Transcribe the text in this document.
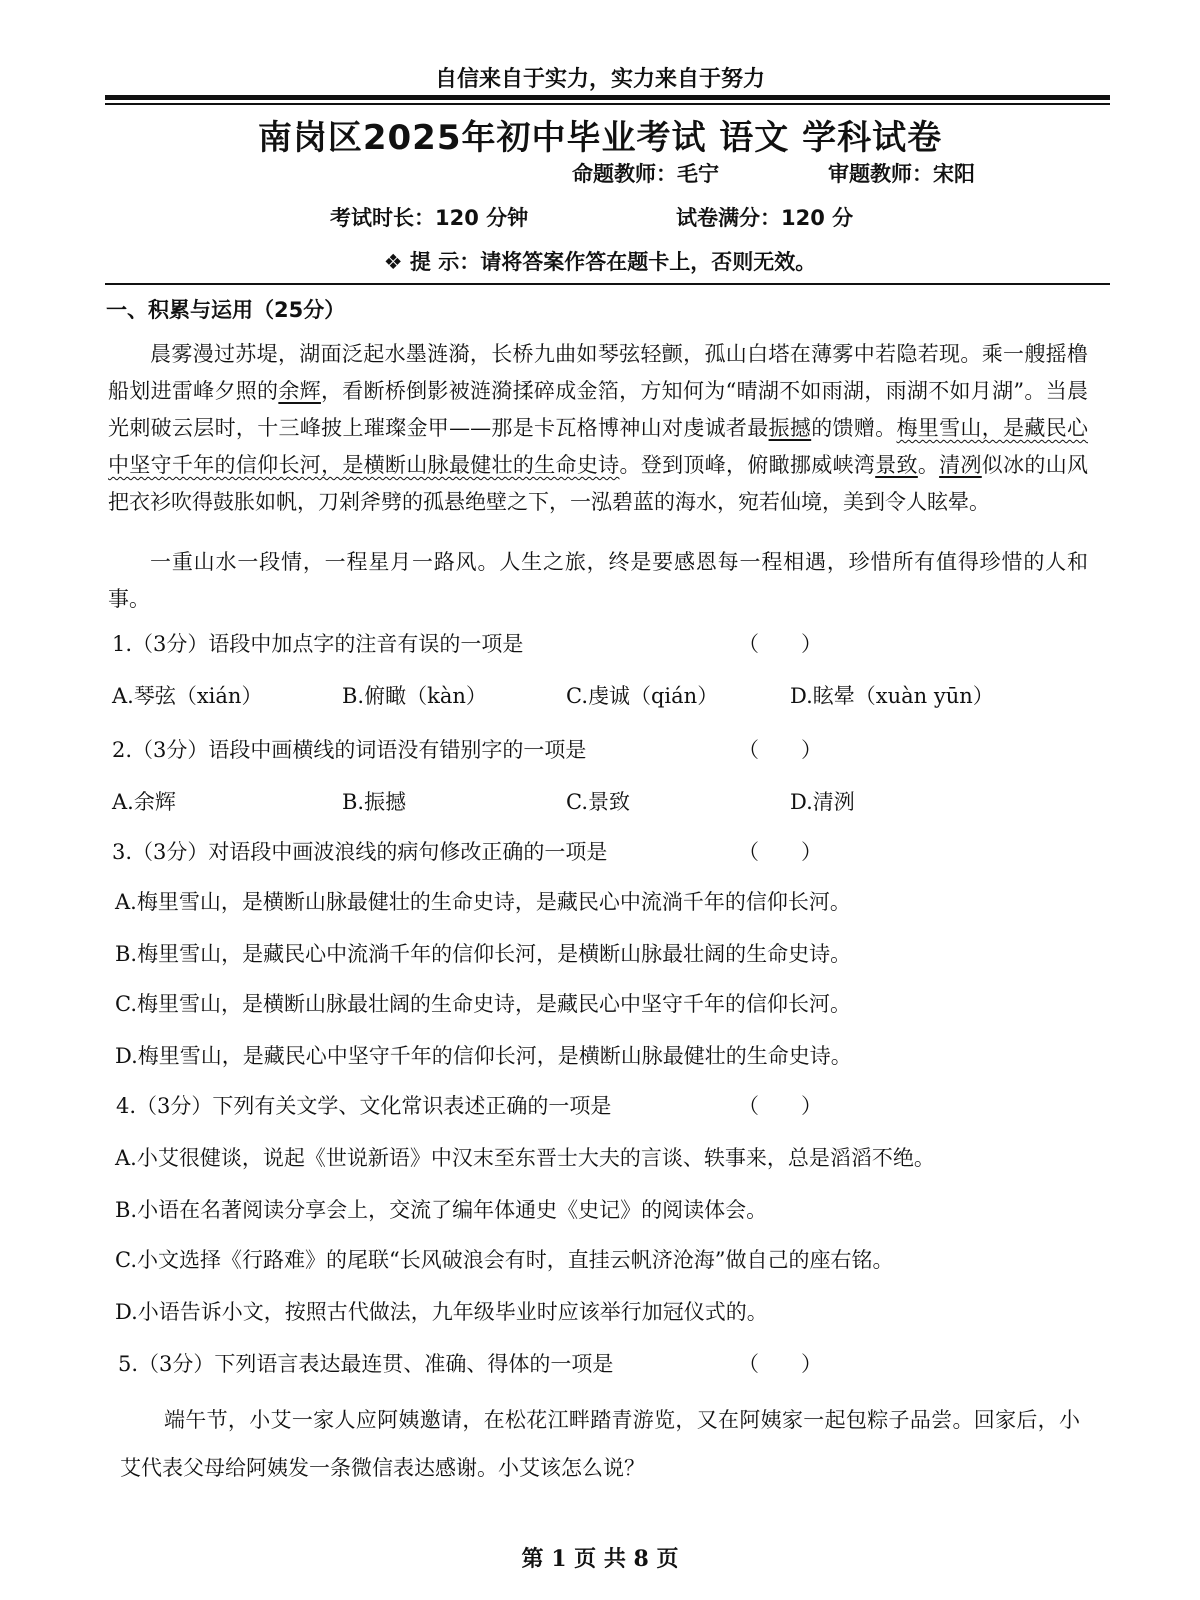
自信来自于实力，实力来自于努力
南岗区2025年初中毕业考试 语文 学科试卷
命题教师：毛宁	审题教师：宋阳
考试时长：120 分钟	试卷满分：120 分
❖ 提 示：请将答案作答在题卡上，否则无效。
一、积累与运用（25分）
晨雾漫过苏堤，湖面泛起水墨涟漪，长桥九曲如琴弦轻颤，孤山白塔在薄雾中若隐若现。乘一艘摇橹船划进雷峰夕照的余辉，看断桥倒影被涟漪揉碎成金箔，方知何为“晴湖不如雨湖，雨湖不如月湖”。当晨光刺破云层时，十三峰披上璀璨金甲——那是卡瓦格博神山对虔诚者最振撼的馈赠。梅里雪山，是藏民心中坚守千年的信仰长河，是横断山脉最健壮的生命史诗。登到顶峰，俯瞰挪威峡湾景致。清冽似冰的山风把衣衫吹得鼓胀如帆，刀剁斧劈的孤悬绝壁之下，一泓碧蓝的海水，宛若仙境，美到令人眩晕。
一重山水一段情，一程星月一路风。人生之旅，终是要感恩每一程相遇，珍惜所有值得珍惜的人和事。
1.（3分）语段中加点字的注音有误的一项是	（　　）
A.琴弦（xián）	B.俯瞰（kàn）	C.虔诚（qián）	D.眩晕（xuàn yūn）
2.（3分）语段中画横线的词语没有错别字的一项是	（　　）
A.余辉	B.振撼	C.景致	D.清洌
3.（3分）对语段中画波浪线的病句修改正确的一项是	（　　）
A.梅里雪山，是横断山脉最健壮的生命史诗，是藏民心中流淌千年的信仰长河。
B.梅里雪山，是藏民心中流淌千年的信仰长河，是横断山脉最壮阔的生命史诗。
C.梅里雪山，是横断山脉最壮阔的生命史诗，是藏民心中坚守千年的信仰长河。
D.梅里雪山，是藏民心中坚守千年的信仰长河，是横断山脉最健壮的生命史诗。
4.（3分）下列有关文学、文化常识表述正确的一项是	（　　）
A.小艾很健谈，说起《世说新语》中汉末至东晋士大夫的言谈、轶事来，总是滔滔不绝。
B.小语在名著阅读分享会上，交流了编年体通史《史记》的阅读体会。
C.小文选择《行路难》的尾联“长风破浪会有时，直挂云帆济沧海”做自己的座右铭。
D.小语告诉小文，按照古代做法，九年级毕业时应该举行加冠仪式的。
5.（3分）下列语言表达最连贯、准确、得体的一项是	（　　）
端午节，小艾一家人应阿姨邀请，在松花江畔踏青游览，又在阿姨家一起包粽子品尝。回家后，小艾代表父母给阿姨发一条微信表达感谢。小艾该怎么说？
第 1 页 共 8 页
